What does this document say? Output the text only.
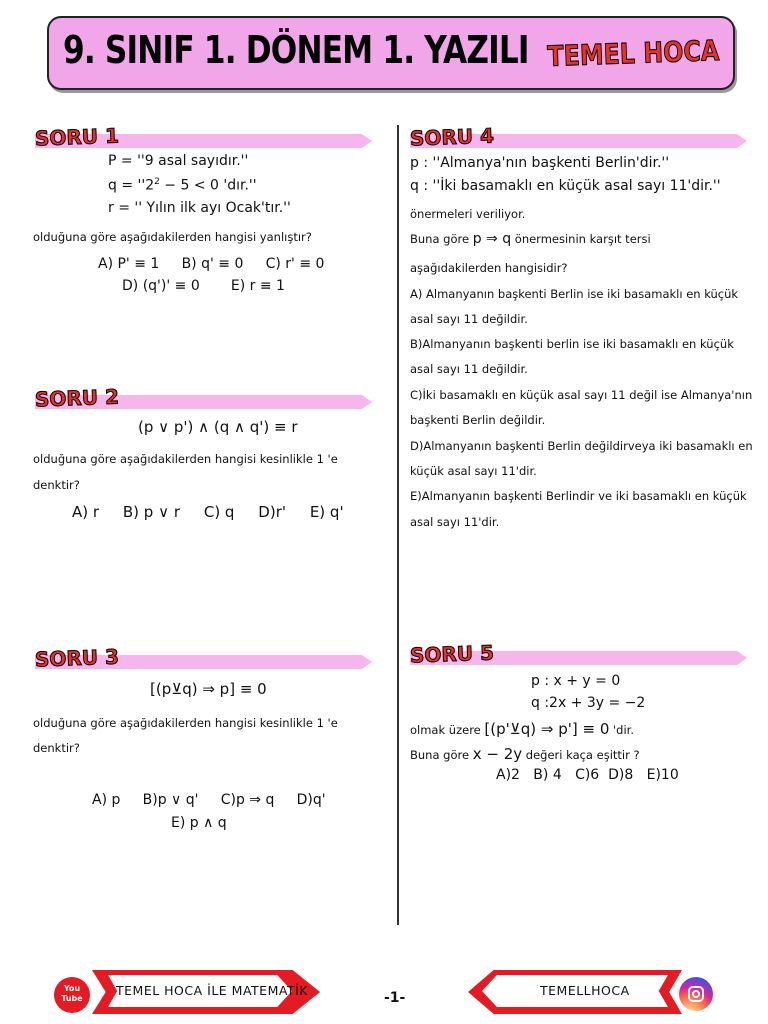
9. SINIF 1. DÖNEM 1. YAZILI TEMEL HOCA
SORU 1
P = ''9 asal sayıdır.''
$q = ''2^2 - 5 < 0$ 'dır.''
r = '' Yılın ilk ayı Ocak'tır.''
olduğuna göre aşağıdakilerden hangisi yanlıştır?
A) P' ≡ 1     B) q' ≡ 0     C) r' ≡ 0
D) (q')' ≡ 0       E) r ≡ 1
SORU 2
(p ∨ p') ∧ (q ∧ q') ≡ r
olduğuna göre aşağıdakilerden hangisi kesinlikle 1 'e
denktir?
A) r     B) p ∨ r     C) q     D)r'     E) q'
SORU 3
[(p⊻q) ⇒ p] ≡ 0
olduğuna göre aşağıdakilerden hangisi kesinlikle 1 'e
denktir?
A) p     B)p ∨ q'     C)p ⇒ q     D)q'
E) p ∧ q
SORU 4
p : ''Almanya'nın başkenti Berlin'dir.''
q : ''İki basamaklı en küçük asal sayı 11'dir.''
önermeleri veriliyor.
Buna göre p ⇒ q önermesinin karşıt tersi
aşağıdakilerden hangisidir?
A) Almanyanın başkenti Berlin ise iki basamaklı en küçük
asal sayı 11 değildir.
B)Almanyanın başkenti berlin ise iki basamaklı en küçük
asal sayı 11 değildir.
C)İki basamaklı en küçük asal sayı 11 değil ise Almanya'nın
başkenti Berlin değildir.
D)Almanyanın başkenti Berlin değildirveya iki basamaklı en
küçük asal sayı 11'dir.
E)Almanyanın başkenti Berlindir ve iki basamaklı en küçük
asal sayı 11'dir.
SORU 5
p : x + y = 0
q :2x + 3y = −2
olmak üzere [(p'⊻q) ⇒ p'] ≡ 0 'dir.
Buna göre x − 2y değeri kaça eşittir ?
A)2   B) 4   C)6  D)8   E)10
You
Tube
TEMEL HOCA İLE MATEMATİK	-1-	TEMELLHOCA
